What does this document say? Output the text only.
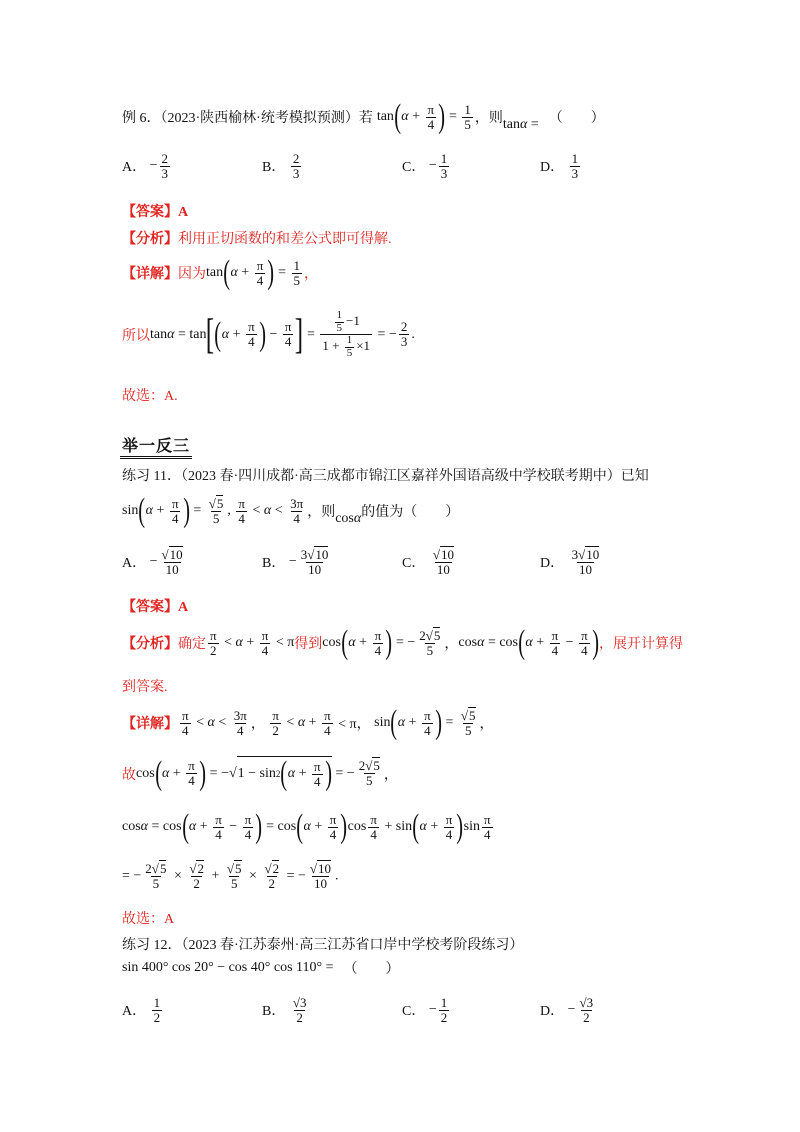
例 6．（2023·陕西榆林·统考模拟预测）若 tan ( $\alpha + \frac{\pi}{4}$ ) = $\frac{1}{5}$ ，则 tanα = （　　）
A．
− $\frac{2}{3}$	B．
$\frac{2}{3}$	C．
− $\frac{1}{3}$	D．
$\frac{1}{3}$
【答案】A
【分析】 利用正切函数的和差公式即可得解.
【详解】 因为 tan ( $\alpha + \frac{\pi}{4}$ ) = $\frac{1}{5}$ ，
所以 tanα = tan [ ( $\alpha + \frac{\pi}{4}$ ) − $\frac{\pi}{4}$ ] = $\frac{\frac{1}{5} -1}{1 + \frac{1}{5} \times 1}$ = − $\frac{2}{3}$ .
故选：A.
举一反三
练习 11．（2023 春·四川成都·高三成都市锦江区嘉祥外国语高级中学校联考期中）已知
sin ( $\alpha + \frac{\pi}{4}$ ) = $\frac{√5}{5}$ , $\frac{\pi}{4} < \alpha < \frac{3\pi}{4}$ ，则 cosα 的值为（　　）
A．
− $\frac{√10}{10}$	B．
− $\frac{3√10}{10}$	C．
$\frac{√10}{10}$	D．
$\frac{3√10}{10}$
【答案】A
【分析】 确定 $\frac{\pi}{2} < \alpha + \frac{\pi}{4} < \pi$ 得到 cos ( $\alpha + \frac{\pi}{4}$ ) = − $\frac{2√5}{5}$ ， cosα = cos ( $\alpha + \frac{\pi}{4} - \frac{\pi}{4}$ ) ，展开计算得
到答案.
【详解】 $\frac{\pi}{4} < \alpha < \frac{3\pi}{4}$ ， $\frac{\pi}{2} < \alpha + \frac{\pi}{4} < \pi$， sin ( $\alpha + \frac{\pi}{4}$ ) = $\frac{√5}{5}$ ，
故 cos ( $\alpha + \frac{\pi}{4}$ ) = −√ 1 − sin 2 ( $\alpha + \frac{\pi}{4}$ ) = − $\frac{2√5}{5}$ ，
cosα = cos ( $\alpha + \frac{\pi}{4} - \frac{\pi}{4}$ ) = cos ( $\alpha + \frac{\pi}{4}$ ) $\cos \frac{\pi}{4} + \sin$ ( $\alpha + \frac{\pi}{4}$ ) $\sin \frac{\pi}{4}$
= − $\frac{2√5}{5} \times \frac{√2}{2} + \frac{√5}{5} \times \frac{√2}{2}$ = − $\frac{√10}{10}$ .
故选：A
练习 12．（2023 春·江苏泰州·高三江苏省口岸中学校考阶段练习）
sin 400° cos 20° − cos 40° cos 110° = （　　）
A．
$\frac{1}{2}$	B．
$\frac{√3}{2}$	C．
− $\frac{1}{2}$	D．
− $\frac{√3}{2}$
